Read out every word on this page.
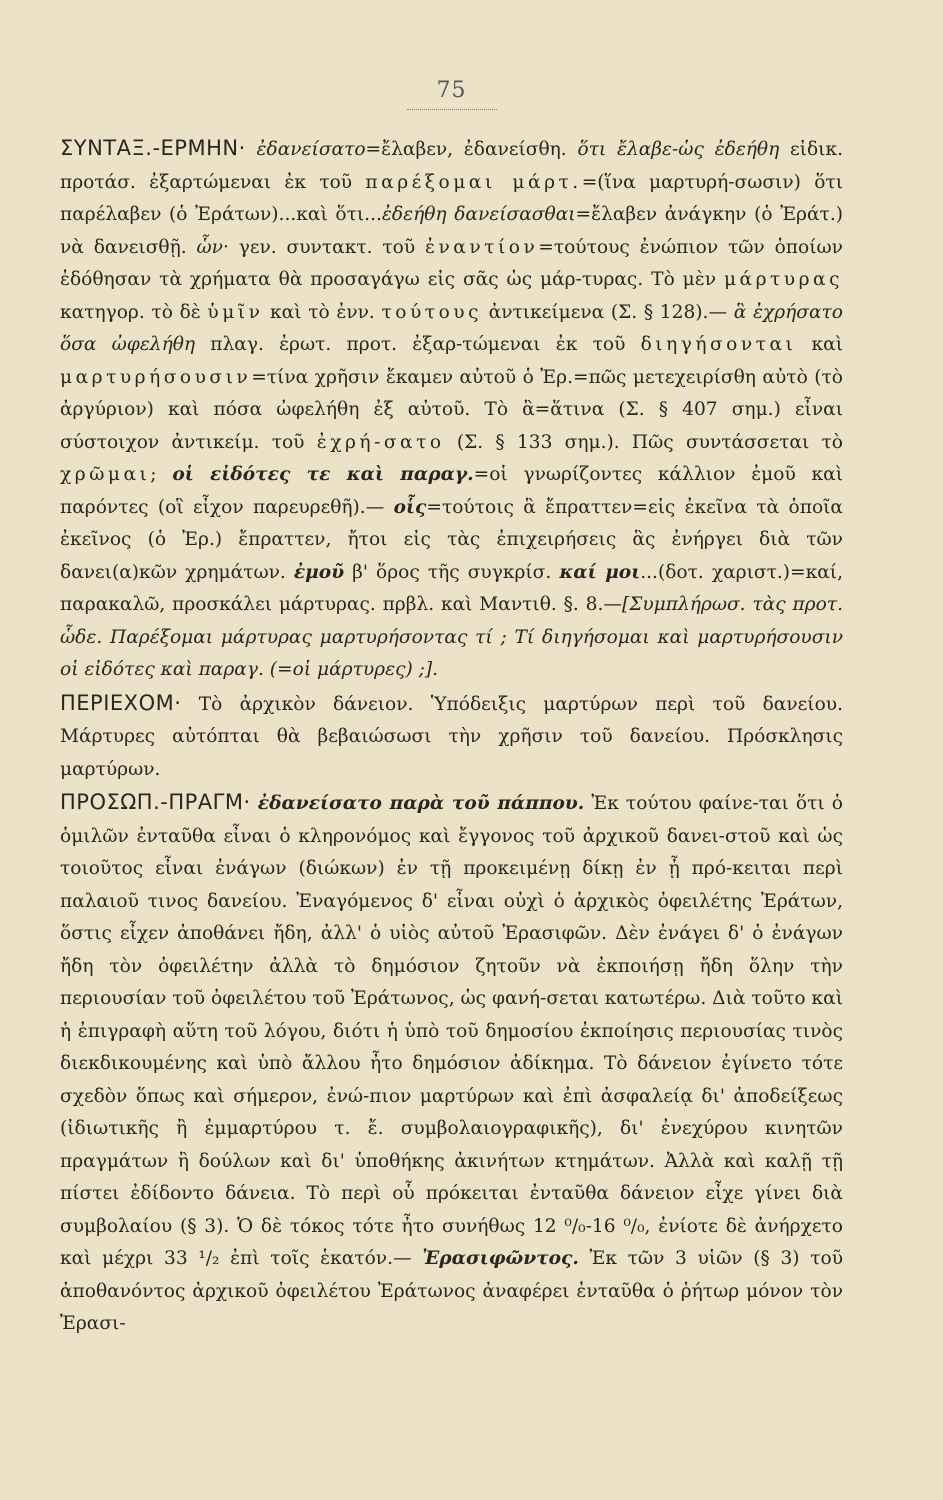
75

ΣΥΝΤΑΞ.-ΕΡΜΗΝ· ἐδανείσατο=ἔλαβεν, ἐδανείσθη. ὅτι ἔλαβε-ὡς ἐδεήθη εἰδικ. προτάσ. ἐξαρτώμεναι ἐκ τοῦ παρέξομαι μάρτ.=(ἵνα μαρτυρή-σωσιν) ὅτι παρέλαβεν (ὁ Ἐράτων)...καὶ ὅτι...ἐδεήθη δανείσασθαι=ἔλαβεν ἀνάγκην (ὁ Ἐράτ.) νὰ δανεισθῇ. ὧν· γεν. συντακτ. τοῦ ἐναντίον=τούτους ἐνώπιον τῶν ὁποίων ἐδόθησαν τὰ χρήματα θὰ προσαγάγω εἰς σᾶς ὡς μάρ-τυρας. Τὸ μὲν μάρτυρας κατηγορ. τὸ δὲ ὑμῖν καὶ τὸ ἐνν. τούτους ἀντικείμενα (Σ. § 128).— ἃ ἐχρήσατο ὅσα ὠφελήθη πλαγ. ἐρωτ. προτ. ἐξαρ-τώμεναι ἐκ τοῦ διηγήσονται καὶ μαρτυρήσουσιν=τίνα χρῆσιν ἔκαμεν αὐτοῦ ὁ Ἐρ.=πῶς μετεχειρίσθη αὐτὸ (τὸ ἀργύριον) καὶ πόσα ὠφελήθη ἐξ αὐτοῦ. Τὸ ἃ=ἅτινα (Σ. § 407 σημ.) εἶναι σύστοιχον ἀντικείμ. τοῦ ἐχρή-σατο (Σ. § 133 σημ.). Πῶς συντάσσεται τὸ χρῶμαι; οἱ εἰδότες τε καὶ παραγ.=οἱ γνωρίζοντες κάλλιον ἐμοῦ καὶ παρόντες (οἳ εἶχον παρευρεθῆ).— οἷς=τούτοις ἃ ἔπραττεν=εἰς ἐκεῖνα τὰ ὁποῖα ἐκεῖνος (ὁ Ἐρ.) ἔπραττεν, ἤτοι εἰς τὰς ἐπιχειρήσεις ἃς ἐνήργει διὰ τῶν δανει(α)κῶν χρημάτων. ἐμοῦ β' ὅρος τῆς συγκρίσ. καί μοι...(δοτ. χαριστ.)=καί, παρακαλῶ, προσκάλει μάρτυρας. πρβλ. καὶ Μαντιθ. §. 8.—[Συμπλήρωσ. τὰς προτ. ὧδε. Παρέξομαι μάρτυρας μαρτυρήσοντας τί ; Τί διηγήσομαι καὶ μαρτυρήσουσιν οἱ εἰδότες καὶ παραγ. (=οἱ μάρτυρες) ;].

ΠΕΡΙΕΧΟΜ· Τὸ ἀρχικὸν δάνειον. Ὑπόδειξις μαρτύρων περὶ τοῦ δανείου. Μάρτυρες αὐτόπται θὰ βεβαιώσωσι τὴν χρῆσιν τοῦ δανείου. Πρόσκλησις μαρτύρων.

ΠΡΟΣΩΠ.-ΠΡΑΓΜ· ἐδανείσατο παρὰ τοῦ πάππου. Ἐκ τούτου φαίνε-ται ὅτι ὁ ὁμιλῶν ἐνταῦθα εἶναι ὁ κληρονόμος καὶ ἔγγονος τοῦ ἀρχικοῦ δανει-στοῦ καὶ ὡς τοιοῦτος εἶναι ἐνάγων (διώκων) ἐν τῇ προκειμένῃ δίκῃ ἐν ᾗ πρό-κειται περὶ παλαιοῦ τινος δανείου. Ἐναγόμενος δ' εἶναι οὐχὶ ὁ ἀρχικὸς ὀφειλέτης Ἐράτων, ὅστις εἶχεν ἀποθάνει ἤδη, ἀλλ' ὁ υἱὸς αὐτοῦ Ἐρασιφῶν. Δὲν ἐνάγει δ' ὁ ἐνάγων ἤδη τὸν ὀφειλέτην ἀλλὰ τὸ δημόσιον ζητοῦν νὰ ἐκποιήσῃ ἤδη ὅλην τὴν περιουσίαν τοῦ ὀφειλέτου τοῦ Ἐράτωνος, ὡς φανή-σεται κατωτέρω. Διὰ τοῦτο καὶ ἡ ἐπιγραφὴ αὕτη τοῦ λόγου, διότι ἡ ὑπὸ τοῦ δημοσίου ἐκποίησις περιουσίας τινὸς διεκδικουμένης καὶ ὑπὸ ἄλλου ἦτο δημόσιον ἀδίκημα. Τὸ δάνειον ἐγίνετο τότε σχεδὸν ὅπως καὶ σήμερον, ἐνώ-πιον μαρτύρων καὶ ἐπὶ ἀσφαλείᾳ δι' ἀποδείξεως (ἰδιωτικῆς ἢ ἐμμαρτύρου τ. ἔ. συμβολαιογραφικῆς), δι' ἐνεχύρου κινητῶν πραγμάτων ἢ δούλων καὶ δι' ὑποθήκης ἀκινήτων κτημάτων. Ἀλλὰ καὶ καλῇ τῇ πίστει ἐδίδοντο δάνεια. Τὸ περὶ οὗ πρόκειται ἐνταῦθα δάνειον εἶχε γίνει διὰ συμβολαίου (§ 3). Ὁ δὲ τόκος τότε ἦτο συνήθως 12 ⁰/₀-16 ⁰/₀, ἐνίοτε δὲ ἀνήρχετο καὶ μέχρι 33 ¹/₂ ἐπὶ τοῖς ἑκατόν.— Ἐρασιφῶντος. Ἐκ τῶν 3 υἱῶν (§ 3) τοῦ ἀποθανόντος ἀρχικοῦ ὀφειλέτου Ἐράτωνος ἀναφέρει ἐνταῦθα ὁ ῥήτωρ μόνον τὸν Ἐρασι-
